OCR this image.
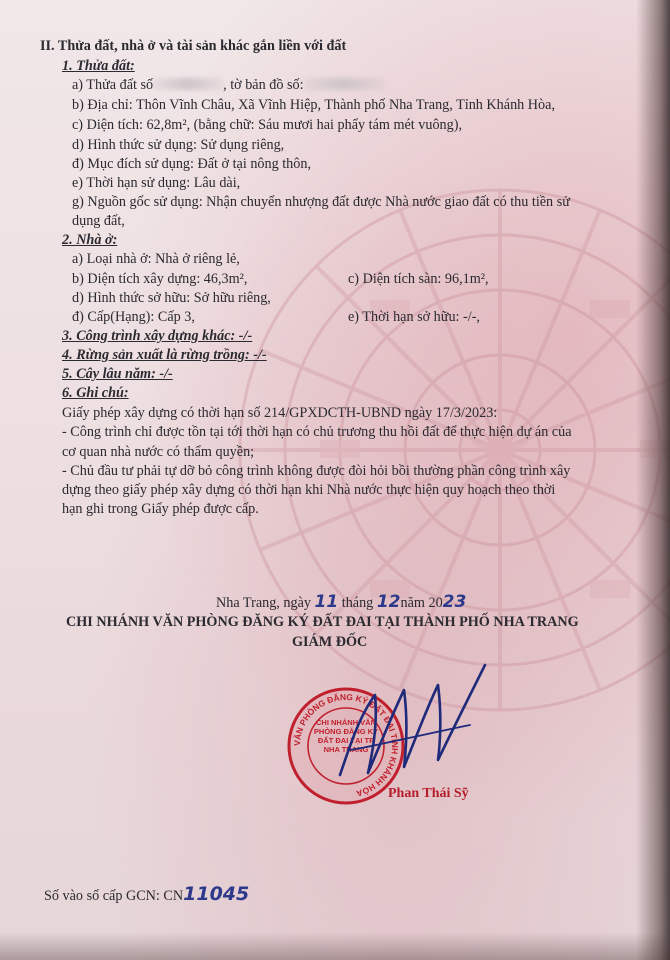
II. Thửa đất, nhà ở và tài sản khác gắn liền với đất
1. Thửa đất:
a) Thửa đất số	, tờ bản đồ số:
b) Địa chỉ: Thôn Vĩnh Châu, Xã Vĩnh Hiệp, Thành phố Nha Trang, Tỉnh Khánh Hòa,
c) Diện tích: 62,8m², (bằng chữ: Sáu mươi hai phẩy tám mét vuông),
d) Hình thức sử dụng: Sử dụng riêng,
đ) Mục đích sử dụng: Đất ở tại nông thôn,
e) Thời hạn sử dụng: Lâu dài,
g) Nguồn gốc sử dụng: Nhận chuyển nhượng đất được Nhà nước giao đất có thu tiền sử
dụng đất,
2. Nhà ở:
a) Loại nhà ở: Nhà ở riêng lẻ,
b) Diện tích xây dựng: 46,3m²,	c) Diện tích sàn: 96,1m²,
d) Hình thức sở hữu: Sở hữu riêng,
đ) Cấp(Hạng): Cấp 3,	e) Thời hạn sở hữu: -/-,
3. Công trình xây dựng khác: -/-
4. Rừng sản xuất là rừng trồng: -/-
5. Cây lâu năm: -/-
6. Ghi chú:
Giấy phép xây dựng có thời hạn số 214/GPXDCTH-UBND ngày 17/3/2023:
- Công trình chỉ được tồn tại tới thời hạn có chủ trương thu hồi đất để thực hiện dự án của
cơ quan nhà nước có thẩm quyền;
- Chủ đầu tư phải tự dỡ bỏ công trình không được đòi hỏi bồi thường phần công trình xây
dựng theo giấy phép xây dựng có thời hạn khi Nhà nước thực hiện quy hoạch theo thời
hạn ghi trong Giấy phép được cấp.
Nha Trang, ngày 11 tháng 12năm 2023
CHI NHÁNH VĂN PHÒNG ĐĂNG KÝ ĐẤT ĐAI TẠI THÀNH PHỐ NHA TRANG
GIÁM ĐỐC
VĂN PHÒNG ĐĂNG KÝ ĐẤT ĐAI TỈNH KHÁNH HÒA
CHI NHÁNH VĂN PHÒNG ĐĂNG KÝ ĐẤT ĐAI TẠI TP NHA TRANG
Phan Thái Sỹ
Số vào sổ cấp GCN: CN11045
